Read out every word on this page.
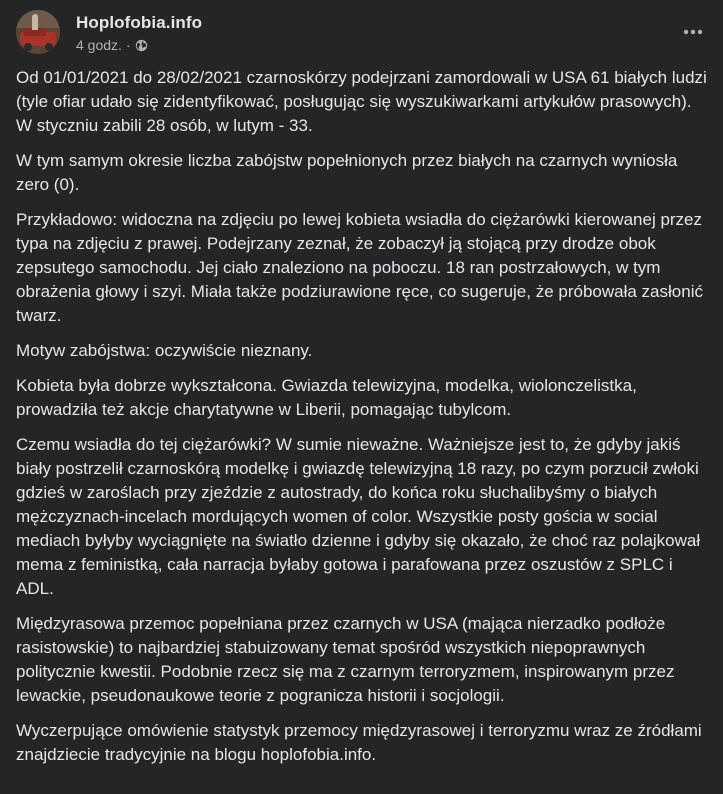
Hoplofobia.info
4 godz. ·

Od 01/01/2021 do 28/02/2021 czarnoskórzy podejrzani zamordowali w USA 61 białych ludzi (tyle ofiar udało się zidentyfikować, posługując się wyszukiwarkami artykułów prasowych). W styczniu zabili 28 osób, w lutym - 33.

W tym samym okresie liczba zabójstw popełnionych przez białych na czarnych wyniosła zero (0).

Przykładowo: widoczna na zdjęciu po lewej kobieta wsiadła do ciężarówki kierowanej przez typa na zdjęciu z prawej. Podejrzany zeznał, że zobaczył ją stojącą przy drodze obok zepsutego samochodu. Jej ciało znaleziono na poboczu. 18 ran postrzałowych, w tym obrażenia głowy i szyi. Miała także podziurawione ręce, co sugeruje, że próbowała zasłonić twarz.

Motyw zabójstwa: oczywiście nieznany.

Kobieta była dobrze wykształcona. Gwiazda telewizyjna, modelka, wiolonczelistka, prowadziła też akcje charytatywne w Liberii, pomagając tubylcom.

Czemu wsiadła do tej ciężarówki? W sumie nieważne. Ważniejsze jest to, że gdyby jakiś biały postrzelił czarnoskórą modelkę i gwiazdę telewizyjną 18 razy, po czym porzucił zwłoki gdzieś w zaroślach przy zjeździe z autostrady, do końca roku słuchalibyśmy o białych mężczyznach-incelach mordujących women of color. Wszystkie posty gościa w social mediach byłyby wyciągnięte na światło dzienne i gdyby się okazało, że choć raz polajkował mema z feministką, cała narracja byłaby gotowa i parafowana przez oszustów z SPLC i ADL.

Międzyrasowa przemoc popełniana przez czarnych w USA (mająca nierzadko podłoże rasistowskie) to najbardziej stabuizowany temat spośród wszystkich niepoprawnych politycznie kwestii. Podobnie rzecz się ma z czarnym terroryzmem, inspirowanym przez lewackie, pseudonaukowe teorie z pogranicza historii i socjologii.

Wyczerpujące omówienie statystyk przemocy międzyrasowej i terroryzmu wraz ze źródłami znajdziecie tradycyjnie na blogu hoplofobia.info.
